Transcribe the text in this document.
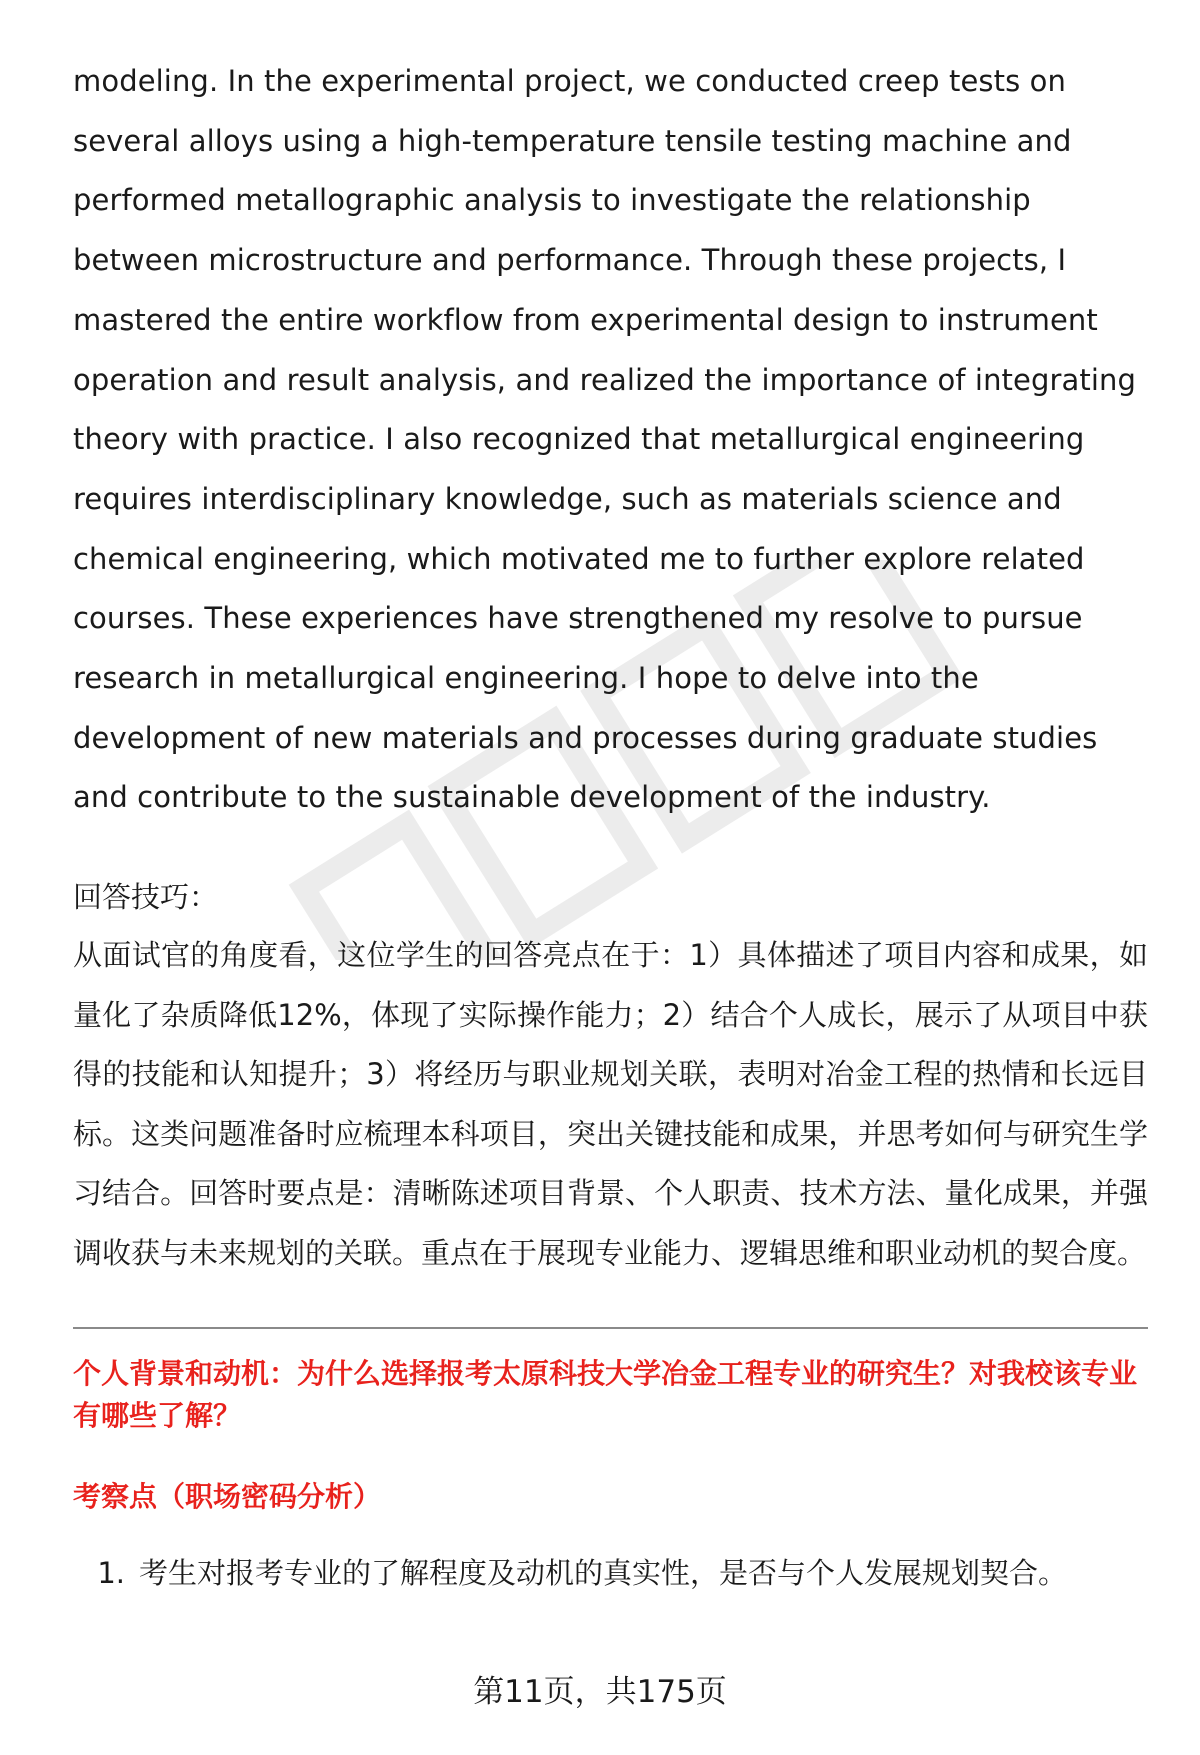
modeling. In the experimental project, we conducted creep tests on several alloys using a high-temperature tensile testing machine and performed metallographic analysis to investigate the relationship between microstructure and performance. Through these projects, I mastered the entire workflow from experimental design to instrument operation and result analysis, and realized the importance of integrating theory with practice. I also recognized that metallurgical engineering requires interdisciplinary knowledge, such as materials science and chemical engineering, which motivated me to further explore related courses. These experiences have strengthened my resolve to pursue research in metallurgical engineering. I hope to delve into the development of new materials and processes during graduate studies and contribute to the sustainable development of the industry.

回答技巧：

从面试官的角度看，这位学生的回答亮点在于：1）具体描述了项目内容和成果，如量化了杂质降低12%，体现了实际操作能力；2）结合个人成长，展示了从项目中获得的技能和认知提升；3）将经历与职业规划关联，表明对冶金工程的热情和长远目标。这类问题准备时应梳理本科项目，突出关键技能和成果，并思考如何与研究生学习结合。回答时要点是：清晰陈述项目背景、个人职责、技术方法、量化成果，并强调收获与未来规划的关联。重点在于展现专业能力、逻辑思维和职业动机的契合度。

个人背景和动机：为什么选择报考太原科技大学冶金工程专业的研究生？对我校该专业有哪些了解？
考察点（职场密码分析）
1. 考生对报考专业的了解程度及动机的真实性，是否与个人发展规划契合。
第11页，共175页
